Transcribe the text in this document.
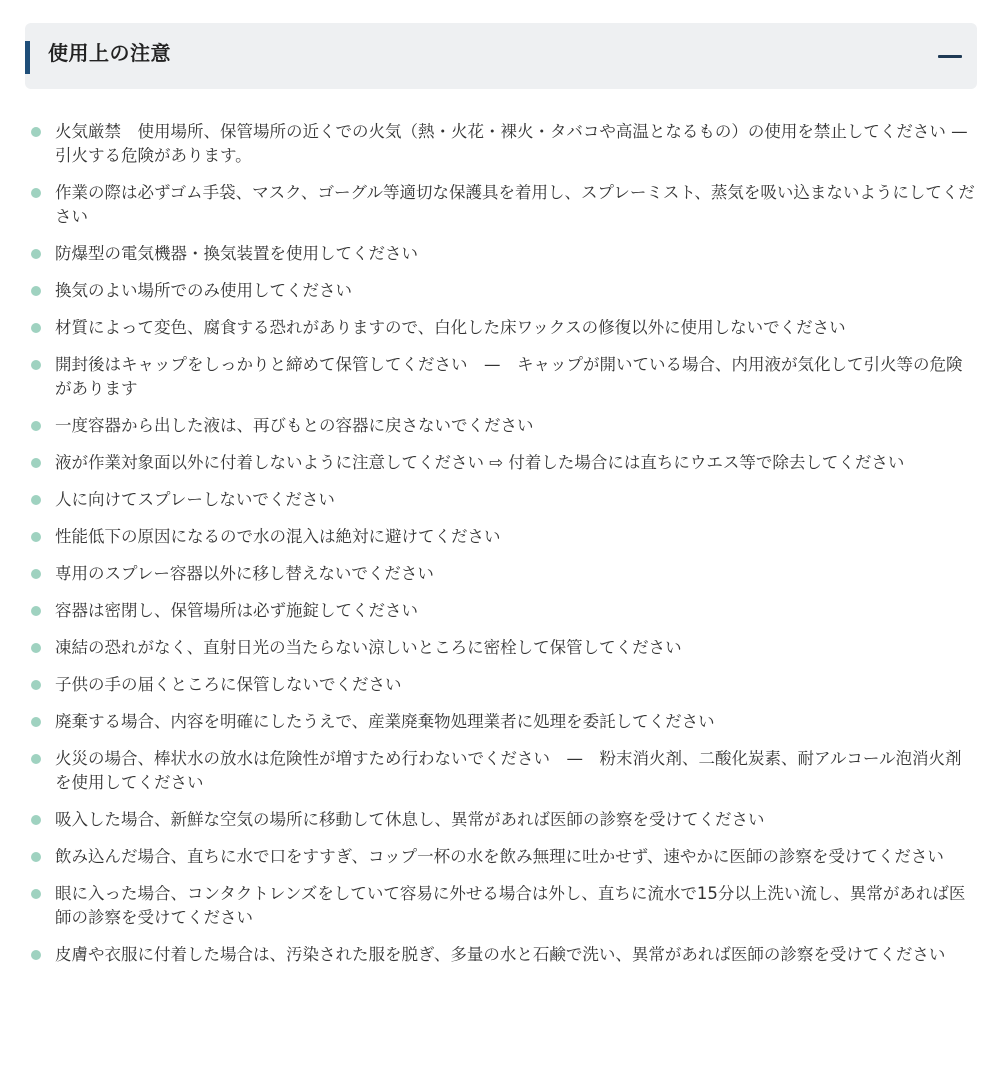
使用上の注意
火気厳禁　使用場所、保管場所の近くでの火気（熱・火花・裸火・タバコや高温となるもの）の使用を禁止してください —　引火する危険があります。
作業の際は必ずゴム手袋、マスク、ゴーグル等適切な保護具を着用し、スプレーミスト、蒸気を吸い込まないようにしてください
防爆型の電気機器・換気装置を使用してください
換気のよい場所でのみ使用してください
材質によって変色、腐食する恐れがありますので、白化した床ワックスの修復以外に使用しないでください
開封後はキャップをしっかりと締めて保管してください　—　キャップが開いている場合、内用液が気化して引火等の危険があります
一度容器から出した液は、再びもとの容器に戻さないでください
液が作業対象面以外に付着しないように注意してください ⇨ 付着した場合には直ちにウエス等で除去してください
人に向けてスプレーしないでください
性能低下の原因になるので水の混入は絶対に避けてください
専用のスプレー容器以外に移し替えないでください
容器は密閉し、保管場所は必ず施錠してください
凍結の恐れがなく、直射日光の当たらない涼しいところに密栓して保管してください
子供の手の届くところに保管しないでください
廃棄する場合、内容を明確にしたうえで、産業廃棄物処理業者に処理を委託してください
火災の場合、棒状水の放水は危険性が増すため行わないでください　—　粉末消火剤、二酸化炭素、耐アルコール泡消火剤を使用してください
吸入した場合、新鮮な空気の場所に移動して休息し、異常があれば医師の診察を受けてください
飲み込んだ場合、直ちに水で口をすすぎ、コップ一杯の水を飲み無理に吐かせず、速やかに医師の診察を受けてください
眼に入った場合、コンタクトレンズをしていて容易に外せる場合は外し、直ちに流水で15分以上洗い流し、異常があれば医師の診察を受けてください
皮膚や衣服に付着した場合は、汚染された服を脱ぎ、多量の水と石鹸で洗い、異常があれば医師の診察を受けてください
